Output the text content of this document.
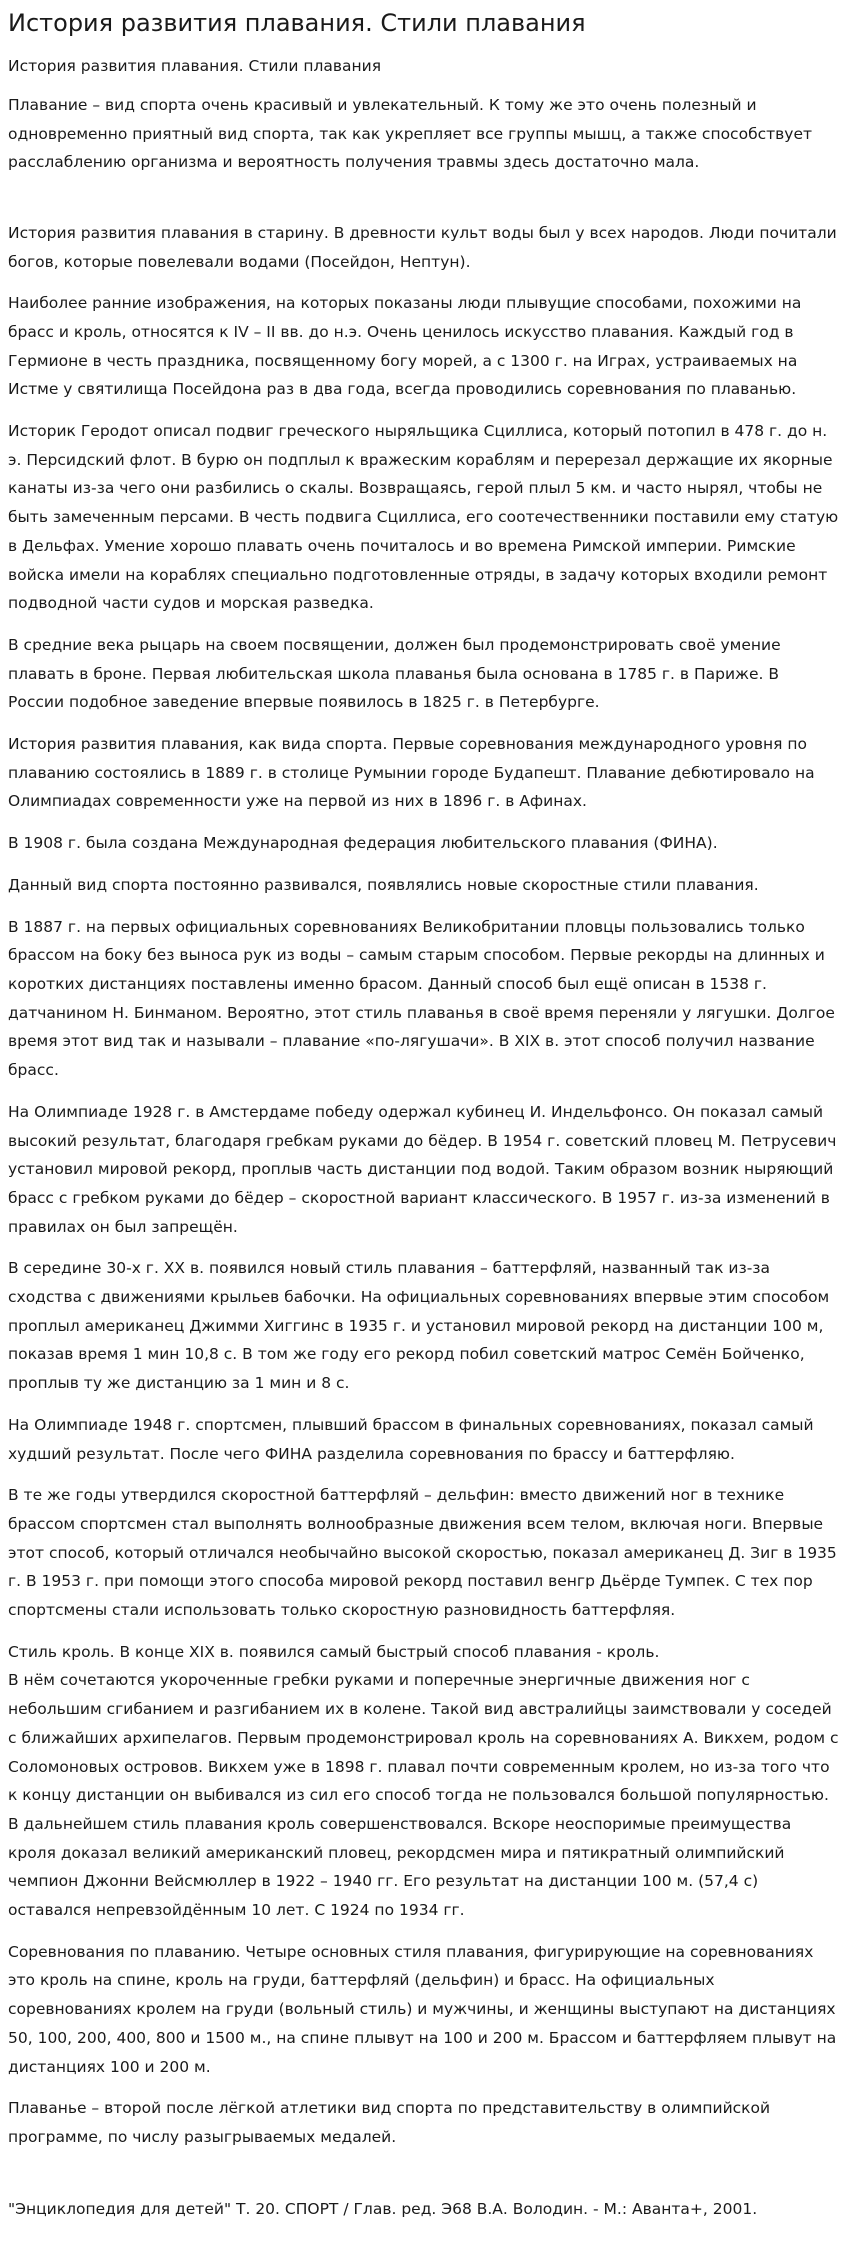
История развития плавания. Стили плавания
История развития плавания. Стили плавания

Плавание – вид спорта очень красивый и увлекательный. К тому же это очень полезный и одновременно приятный вид спорта, так как укрепляет все группы мышц, а также способствует расслаблению организма и вероятность получения травмы здесь достаточно мала.

История развития плавания в старину. В древности культ воды был у всех народов. Люди почитали богов, которые повелевали водами (Посейдон, Нептун).

Наиболее ранние изображения, на которых показаны люди плывущие способами, похожими на брасс и кроль, относятся к IV – II вв. до н.э. Очень ценилось искусство плавания. Каждый год в Гермионе в честь праздника, посвященному богу морей, а с 1300 г. на Играх, устраиваемых на Истме у святилища Посейдона раз в два года, всегда проводились соревнования по плаванью.

Историк Геродот описал подвиг греческого ныряльщика Сциллиса, который потопил в 478 г. до н. э. Персидский флот. В бурю он подплыл к вражеским кораблям и перерезал держащие их якорные канаты из-за чего они разбились о скалы. Возвращаясь, герой плыл 5 км. и часто нырял, чтобы не быть замеченным персами. В честь подвига Сциллиса, его соотечественники поставили ему статую в Дельфах. Умение хорошо плавать очень почиталось и во времена Римской империи. Римские войска имели на кораблях специально подготовленные отряды, в задачу которых входили ремонт подводной части судов и морская разведка.

В средние века рыцарь на своем посвящении, должен был продемонстрировать своё умение плавать в броне. Первая любительская школа плаванья была основана в 1785 г. в Париже. В России подобное заведение впервые появилось в 1825 г. в Петербурге.

История развития плавания, как вида спорта. Первые соревнования международного уровня по плаванию состоялись в 1889 г. в столице Румынии городе Будапешт. Плавание дебютировало на Олимпиадах современности уже на первой из них в 1896 г. в Афинах.

В 1908 г. была создана Международная федерация любительского плавания (ФИНА).

Данный вид спорта постоянно развивался, появлялись новые скоростные стили плавания.

В 1887 г. на первых официальных соревнованиях Великобритании пловцы пользовались только брассом на боку без выноса рук из воды – самым старым способом. Первые рекорды на длинных и коротких дистанциях поставлены именно брасом. Данный способ был ещё описан в 1538 г. датчанином Н. Бинманом. Вероятно, этот стиль плаванья в своё время переняли у лягушки. Долгое время этот вид так и называли – плавание «по-лягушачи». В XIX в. этот способ получил название брасс.

На Олимпиаде 1928 г. в Амстердаме победу одержал кубинец И. Индельфонсо. Он показал самый высокий результат, благодаря гребкам руками до бёдер. В 1954 г. советский пловец М. Петрусевич установил мировой рекорд, проплыв часть дистанции под водой. Таким образом возник ныряющий брасс с гребком руками до бёдер – скоростной вариант классического. В 1957 г. из-за изменений в правилах он был запрещён.

В середине 30-х г. XX в. появился новый стиль плавания – баттерфляй, названный так из-за сходства с движениями крыльев бабочки. На официальных соревнованиях впервые этим способом проплыл американец Джимми Хиггинс в 1935 г. и установил мировой рекорд на дистанции 100 м, показав время 1 мин 10,8 с. В том же году его рекорд побил советский матрос Семён Бойченко, проплыв ту же дистанцию за 1 мин и 8 с.

На Олимпиаде 1948 г. спортсмен, плывший брассом в финальных соревнованиях, показал самый худший результат. После чего ФИНА разделила соревнования по брассу и баттерфляю.

В те же годы утвердился скоростной баттерфляй – дельфин: вместо движений ног в технике брассом спортсмен стал выполнять волнообразные движения всем телом, включая ноги. Впервые этот способ, который отличался необычайно высокой скоростью, показал американец Д. Зиг в 1935 г. В 1953 г. при помощи этого способа мировой рекорд поставил венгр Дьёрде Тумпек. С тех пор спортсмены стали использовать только скоростную разновидность баттерфляя.

Стиль кроль. В конце XIX в. появился самый быстрый способ плавания - кроль.
В нём сочетаются укороченные гребки руками и поперечные энергичные движения ног с небольшим сгибанием и разгибанием их в колене. Такой вид австралийцы заимствовали у соседей с ближайших архипелагов. Первым продемонстрировал кроль на соревнованиях А. Викхем, родом с Соломоновых островов. Викхем уже в 1898 г. плавал почти современным кролем, но из-за того что к концу дистанции он выбивался из сил его способ тогда не пользовался большой популярностью. В дальнейшем стиль плавания кроль совершенствовался. Вскоре неоспоримые преимущества кроля доказал великий американский пловец, рекордсмен мира и пятикратный олимпийский чемпион Джонни Вейсмюллер в 1922 – 1940 гг. Его результат на дистанции 100 м. (57,4 с) оставался непревзойдённым 10 лет. С 1924 по 1934 гг.

Соревнования по плаванию. Четыре основных стиля плавания, фигурирующие на соревнованиях это кроль на спине, кроль на груди, баттерфляй (дельфин) и брасс. На официальных соревнованиях кролем на груди (вольный стиль) и мужчины, и женщины выступают на дистанциях 50, 100, 200, 400, 800 и 1500 м., на спине плывут на 100 и 200 м. Брассом и баттерфляем плывут на дистанциях 100 и 200 м.

Плаванье – второй после лёгкой атлетики вид спорта по представительству в олимпийской программе, по числу разыгрываемых медалей.

"Энциклопедия для детей" Т. 20. СПОРТ / Глав. ред. Э68 В.А. Володин. - М.: Аванта+, 2001.
